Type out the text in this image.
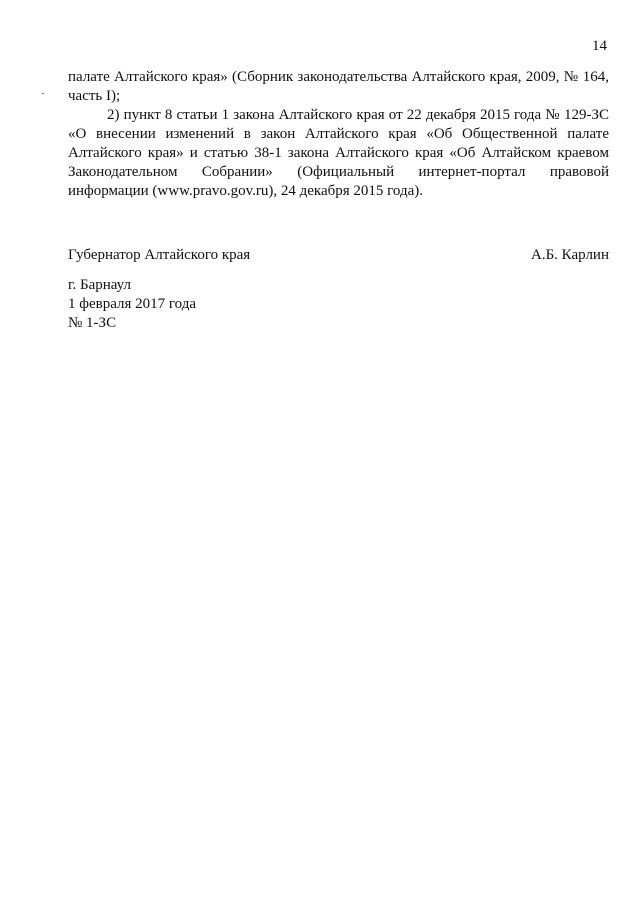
14

палате Алтайского края» (Сборник законодательства Алтайского края, 2009, № 164, часть I);

2) пункт 8 статьи 1 закона Алтайского края от 22 декабря 2015 года № 129-ЗС «О внесении изменений в закон Алтайского края «Об Общественной палате Алтайского края» и статью 38-1 закона Алтайского края «Об Алтайском краевом Законодательном Собрании» (Официальный интернет-портал правовой информации (www.pravo.gov.ru), 24 декабря 2015 года).

Губернатор Алтайского края	А.Б. Карлин
г. Барнаул
1 февраля 2017 года
№ 1-ЗС
